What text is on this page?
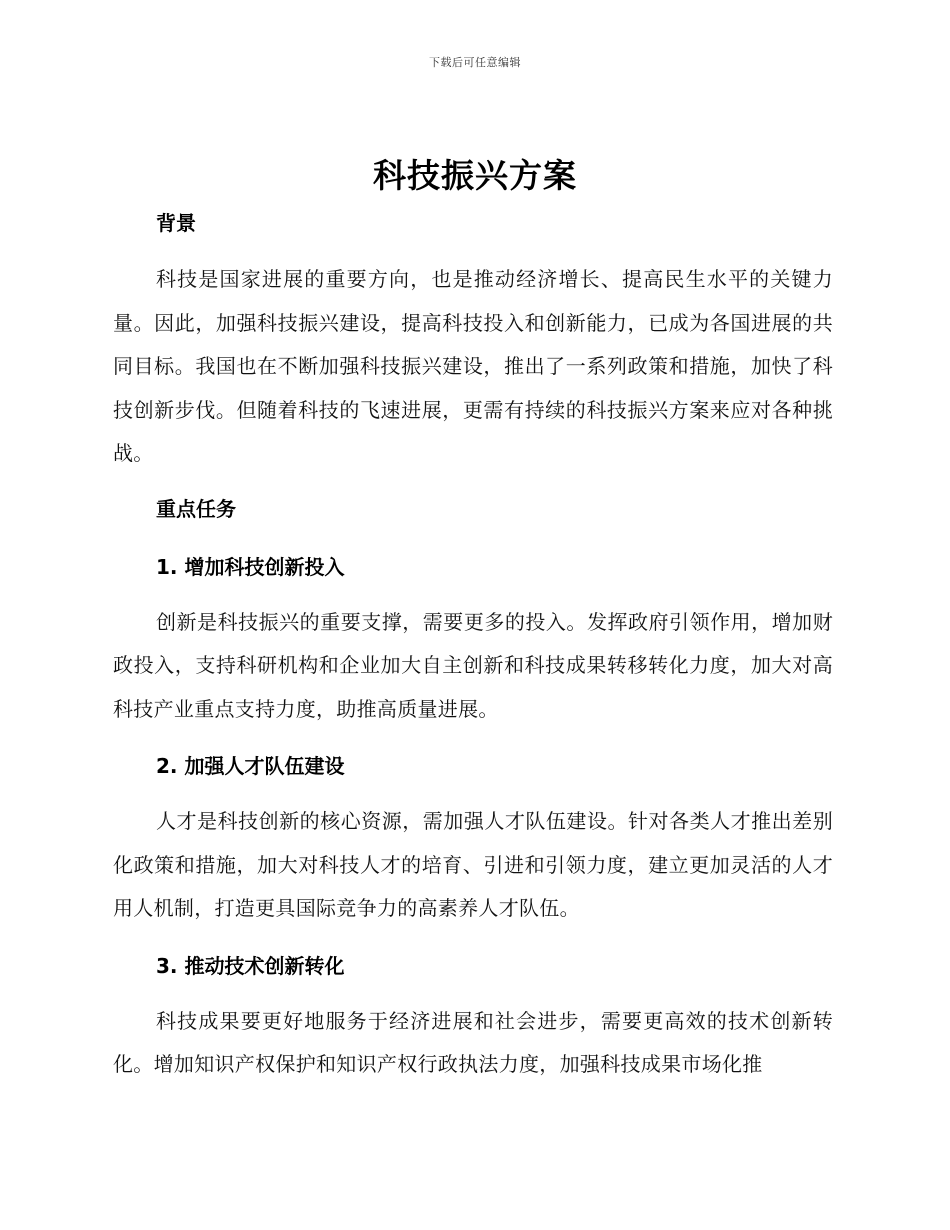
下载后可任意编辑
科技振兴方案
背景

科技是国家进展的重要方向，也是推动经济增长、提高民生水平的关键力量。因此，加强科技振兴建设，提高科技投入和创新能力，已成为各国进展的共同目标。我国也在不断加强科技振兴建设，推出了一系列政策和措施，加快了科技创新步伐。但随着科技的飞速进展，更需有持续的科技振兴方案来应对各种挑战。

重点任务
1. 增加科技创新投入

创新是科技振兴的重要支撑，需要更多的投入。发挥政府引领作用，增加财政投入，支持科研机构和企业加大自主创新和科技成果转移转化力度，加大对高科技产业重点支持力度，助推高质量进展。

2. 加强人才队伍建设

人才是科技创新的核心资源，需加强人才队伍建设。针对各类人才推出差别化政策和措施，加大对科技人才的培育、引进和引领力度，建立更加灵活的人才用人机制，打造更具国际竞争力的高素养人才队伍。

3. 推动技术创新转化

科技成果要更好地服务于经济进展和社会进步，需要更高效的技术创新转化。增加知识产权保护和知识产权行政执法力度，加强科技成果市场化推
